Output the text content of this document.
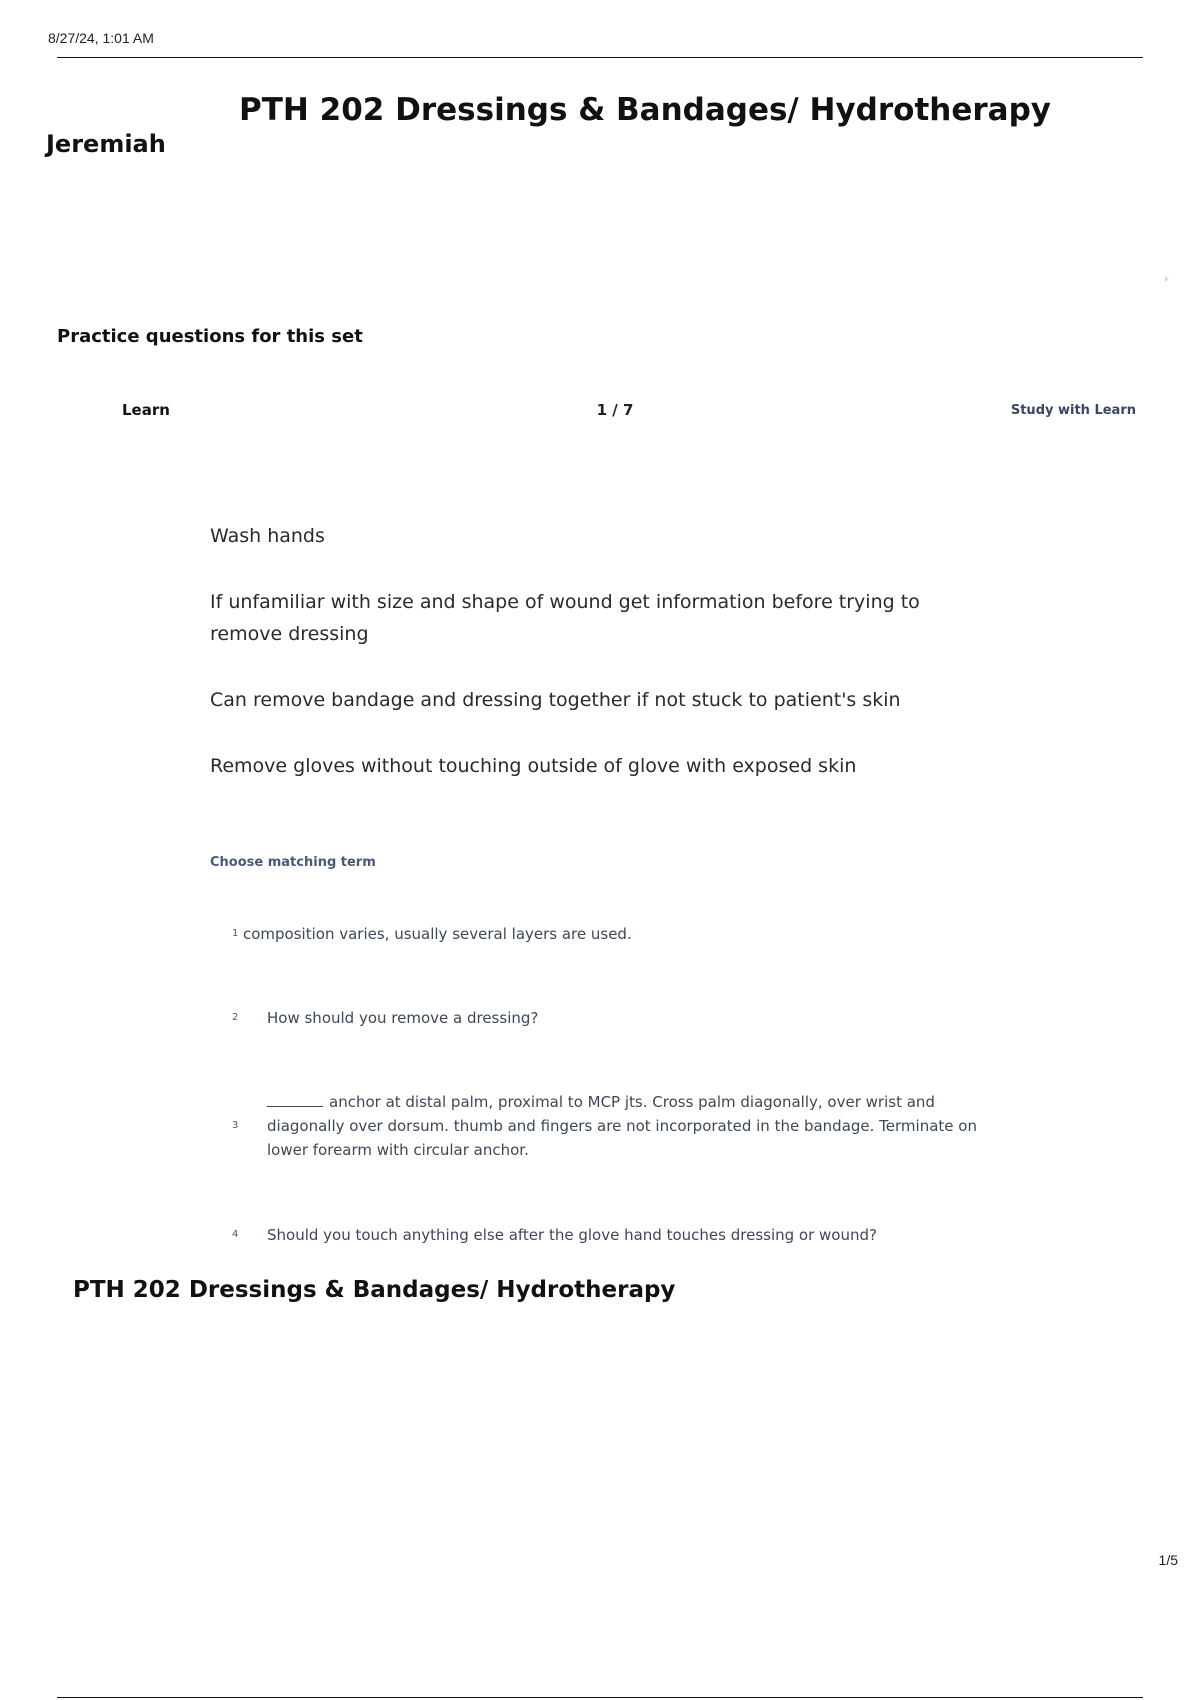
8/27/24, 1:01 AM
PTH 202 Dressings & Bandages/ Hydrotherapy
Jeremiah
Practice questions for this set
Learn	1 / 7	Study with Learn

Wash hands

If unfamiliar with size and shape of wound get information before trying to remove dressing

Can remove bandage and dressing together if not stuck to patient's skin

Remove gloves without touching outside of glove with exposed skin

Choose matching term
1 composition varies, usually several layers are used.
2 How should you remove a dressing?
3
anchor at distal palm, proximal to MCP jts. Cross palm diagonally, over wrist and diagonally over dorsum. thumb and fingers are not incorporated in the bandage. Terminate on lower forearm with circular anchor.
4 Should you touch anything else after the glove hand touches dressing or wound?
PTH 202 Dressings & Bandages/ Hydrotherapy
1/5
